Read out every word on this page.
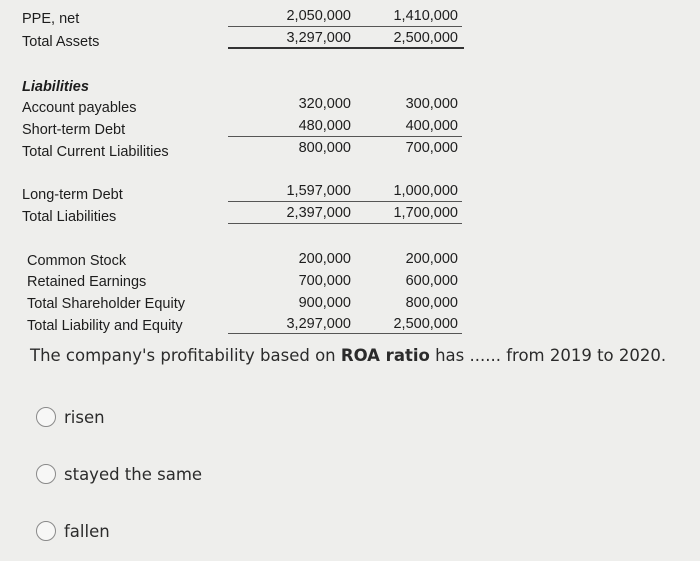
PPE, net	2,050,000	1,410,000
Total Assets	3,297,000	2,500,000
Liabilities
Account payables	320,000	300,000
Short-term Debt	480,000	400,000
Total Current Liabilities	800,000	700,000
Long-term Debt	1,597,000	1,000,000
Total Liabilities	2,397,000	1,700,000
Common Stock	200,000	200,000
Retained Earnings	700,000	600,000
Total Shareholder Equity	900,000	800,000
Total Liability and Equity	3,297,000	2,500,000
The company's profitability based on ROA ratio has ...... from 2019 to 2020.
risen
stayed the same
fallen
